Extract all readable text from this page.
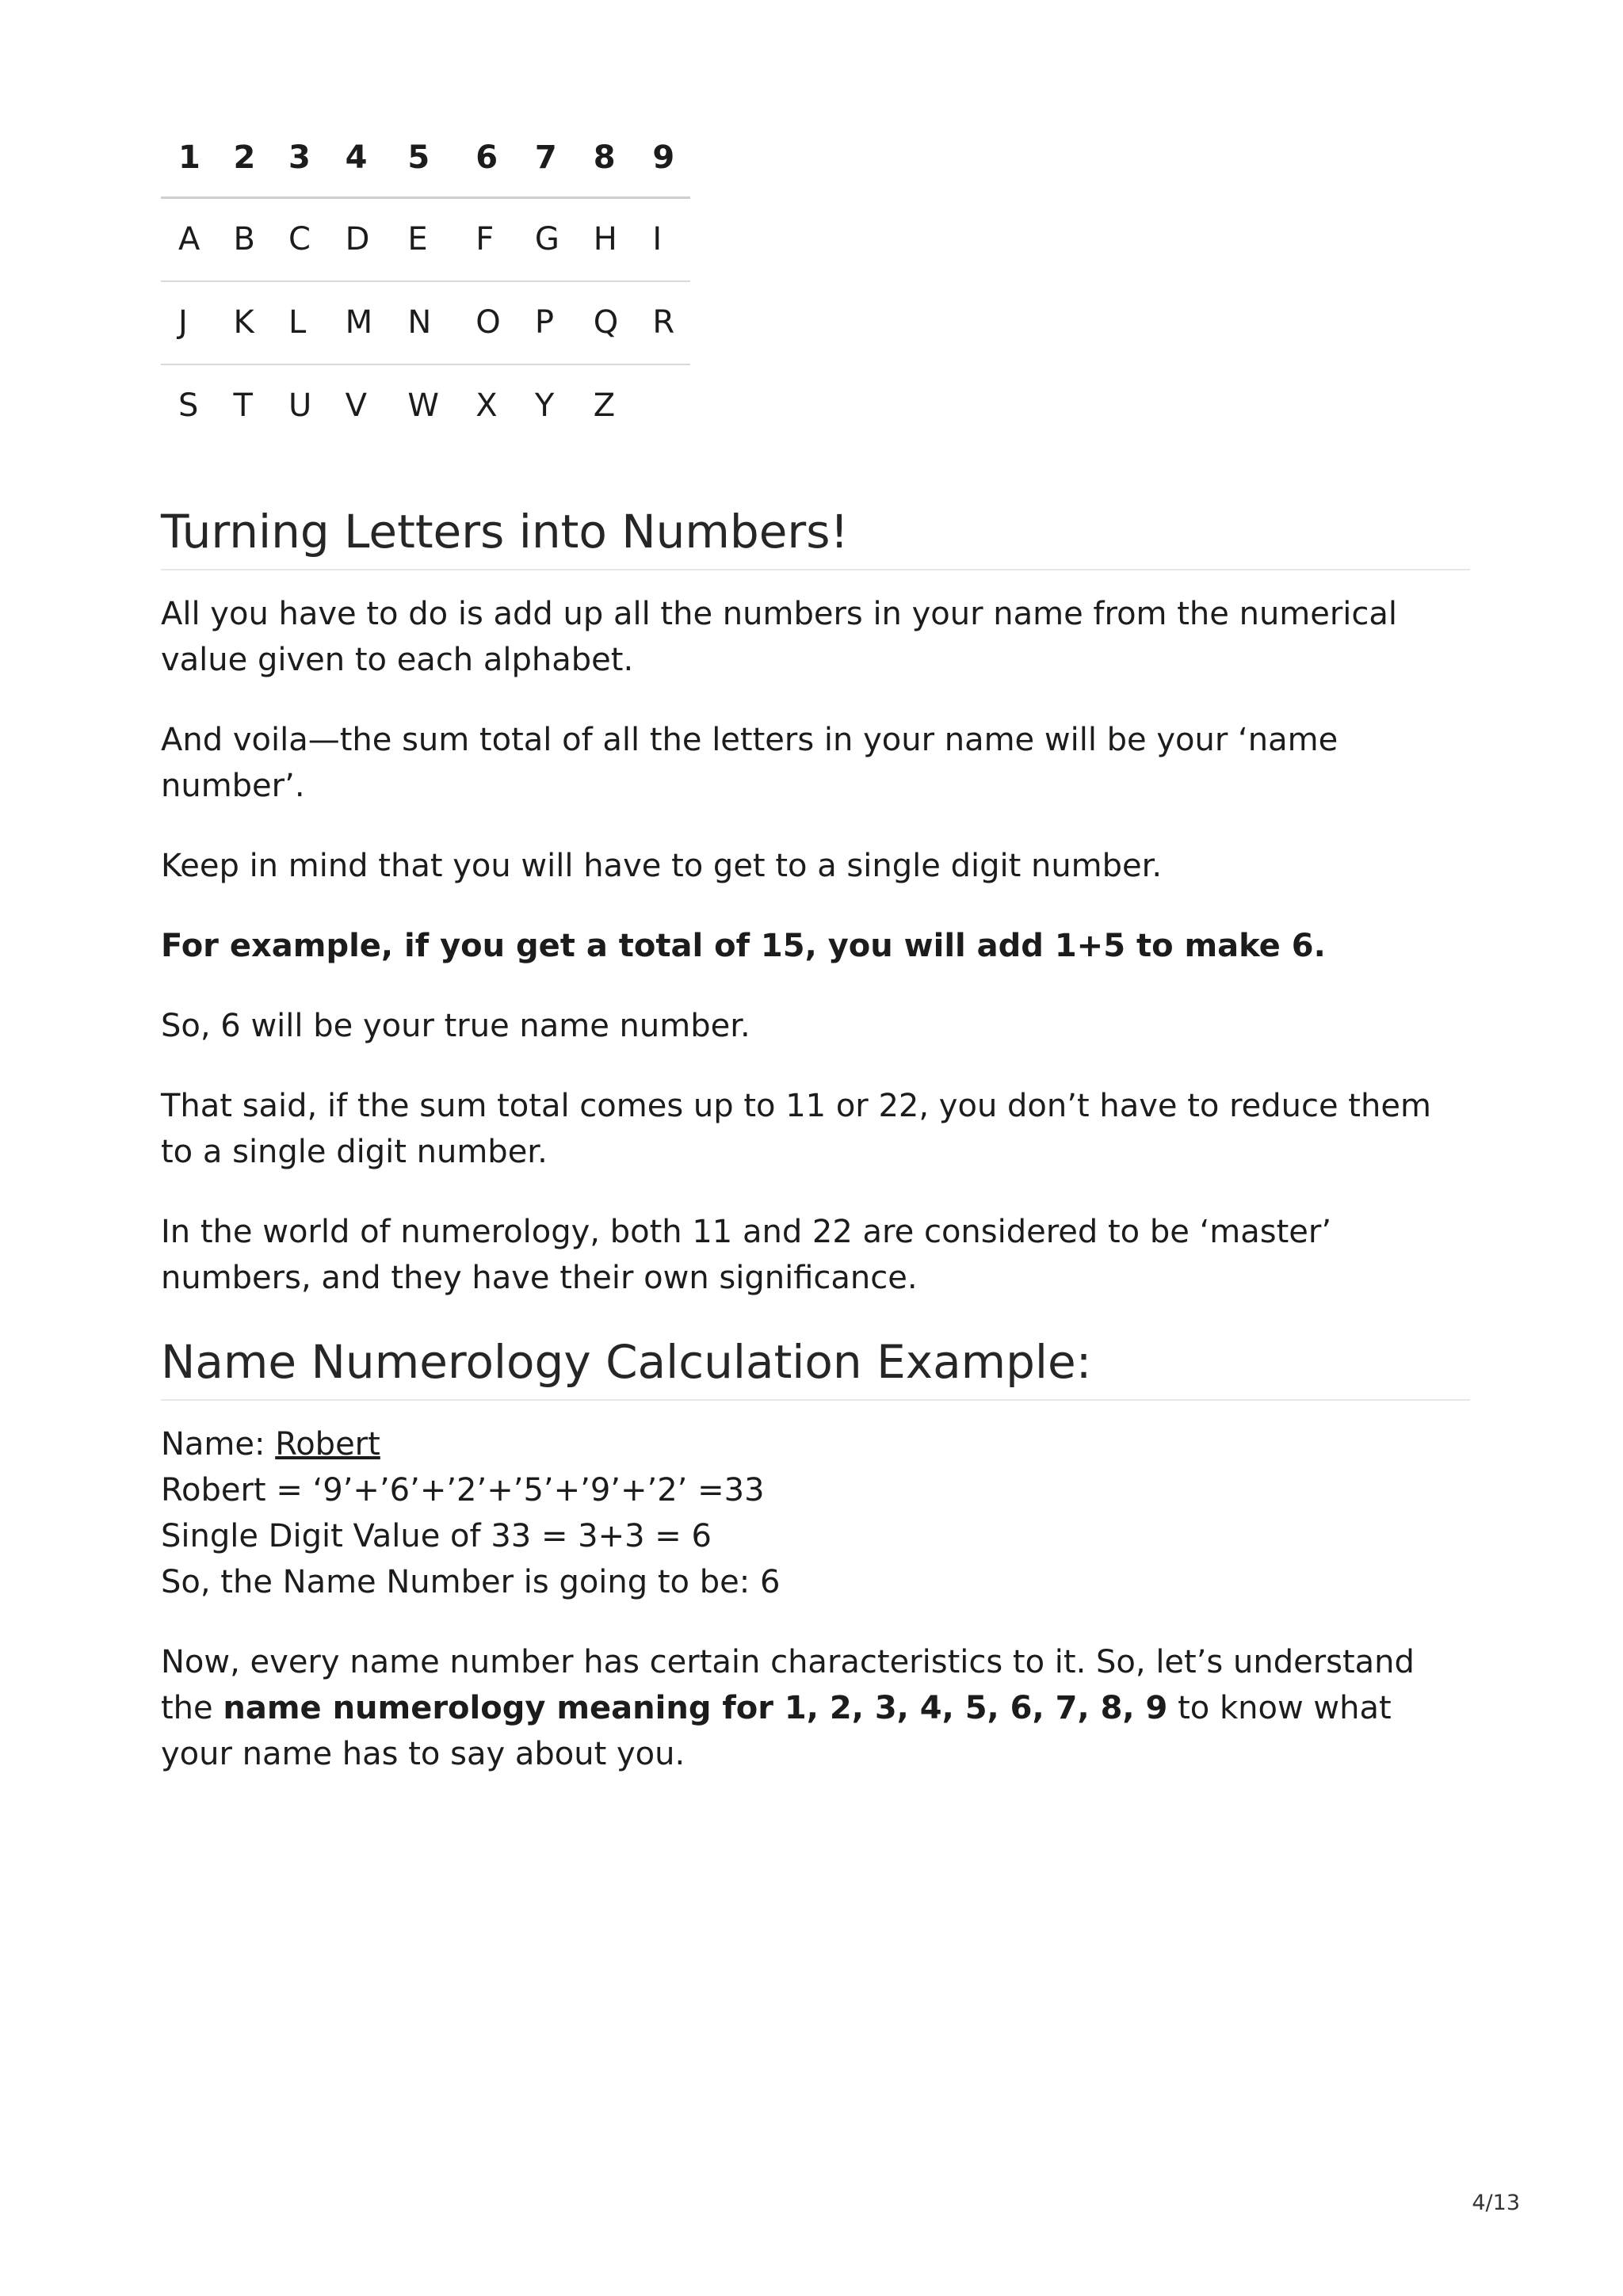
1	2	3	4	5	6	7	8	9
A	B	C	D	E	F	G	H	I
J	K	L	M	N	O	P	Q	R
S	T	U	V	W	X	Y	Z	
Turning Letters into Numbers!

All you have to do is add up all the numbers in your name from the numerical value given to each alphabet.

And voila—the sum total of all the letters in your name will be your ‘name number’.

Keep in mind that you will have to get to a single digit number.

For example, if you get a total of 15, you will add 1+5 to make 6.

So, 6 will be your true name number.

That said, if the sum total comes up to 11 or 22, you don’t have to reduce them to a single digit number.

In the world of numerology, both 11 and 22 are considered to be ‘master’ numbers, and they have their own significance.

Name Numerology Calculation Example:

Name: Robert
Robert = ‘9’+’6’+’2’+’5’+’9’+’2’ =33
Single Digit Value of 33 = 3+3 = 6
So, the Name Number is going to be: 6

Now, every name number has certain characteristics to it. So, let’s understand the name numerology meaning for 1, 2, 3, 4, 5, 6, 7, 8, 9 to know what your name has to say about you.

4/13
